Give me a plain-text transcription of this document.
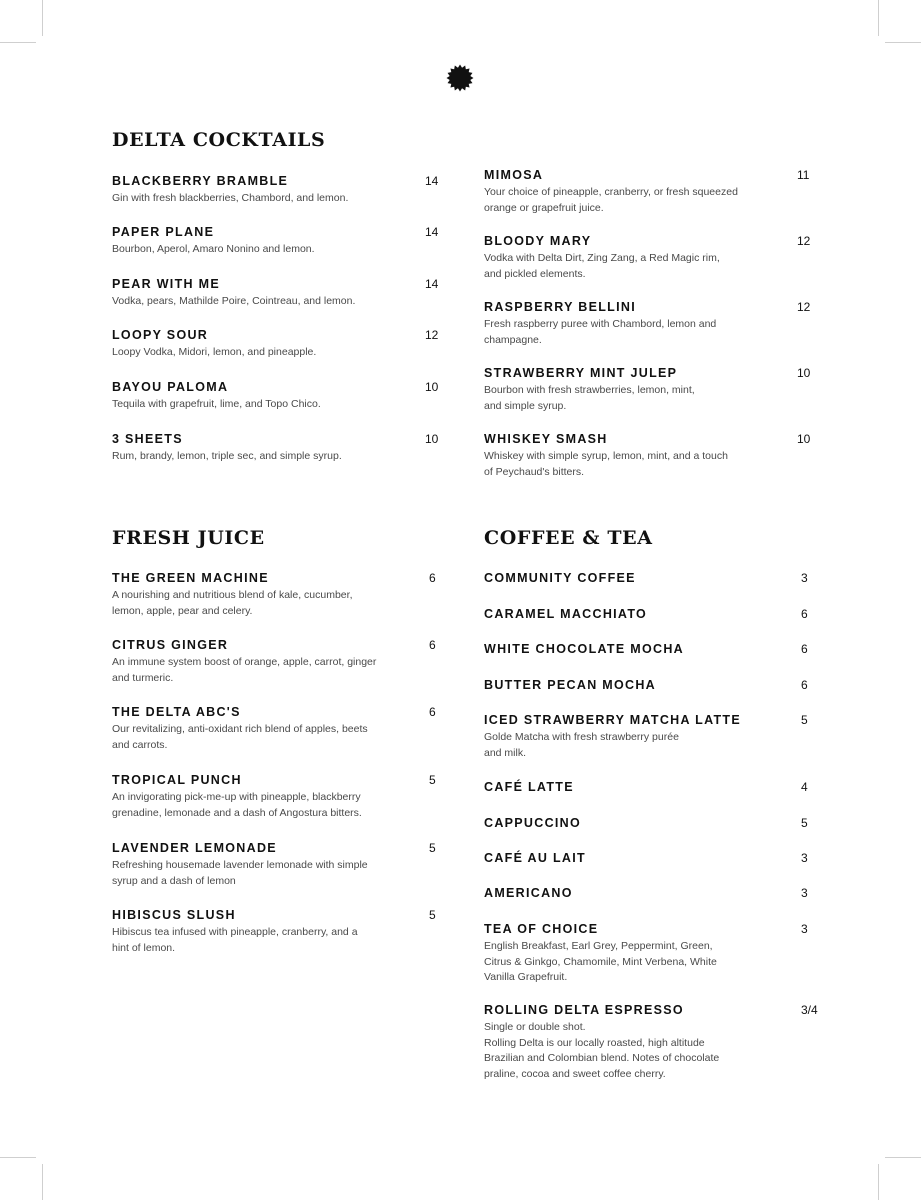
DELTA COCKTAILS
FRESH JUICE	COFFEE & TEA
BLACKBERRY BRAMBLE	14
Gin with fresh blackberries, Chambord, and lemon.
PAPER PLANE	14
Bourbon, Aperol, Amaro Nonino and lemon.
PEAR WITH ME	14
Vodka, pears, Mathilde Poire, Cointreau, and lemon.
LOOPY SOUR	12
Loopy Vodka, Midori, lemon, and pineapple.
BAYOU PALOMA	10
Tequila with grapefruit, lime, and Topo Chico.
3 SHEETS	10
Rum, brandy, lemon, triple sec, and simple syrup.
MIMOSA	11
Your choice of pineapple, cranberry, or fresh squeezed
orange or grapefruit juice.
BLOODY MARY	12
Vodka with Delta Dirt, Zing Zang, a Red Magic rim,
and pickled elements.
RASPBERRY BELLINI	12
Fresh raspberry puree with Chambord, lemon and
champagne.
STRAWBERRY MINT JULEP	10
Bourbon with fresh strawberries, lemon, mint,
and simple syrup.
WHISKEY SMASH	10
Whiskey with simple syrup, lemon, mint, and a touch
of Peychaud's bitters.
THE GREEN MACHINE	6
A nourishing and nutritious blend of kale, cucumber,
lemon, apple, pear and celery.
CITRUS GINGER	6
An immune system boost of orange, apple, carrot, ginger
and turmeric.
THE DELTA ABC'S	6
Our revitalizing, anti-oxidant rich blend of apples, beets
and carrots.
TROPICAL PUNCH	5
An invigorating pick-me-up with pineapple, blackberry
grenadine, lemonade and a dash of Angostura bitters.
LAVENDER LEMONADE	5
Refreshing housemade lavender lemonade with simple
syrup and a dash of lemon
HIBISCUS SLUSH	5
Hibiscus tea infused with pineapple, cranberry, and a
hint of lemon.
COMMUNITY COFFEE	3
CARAMEL MACCHIATO	6
WHITE CHOCOLATE MOCHA	6
BUTTER PECAN MOCHA	6
ICED STRAWBERRY MATCHA LATTE	5
Golde Matcha with fresh strawberry purée
and milk.
CAFÉ LATTE	4
CAPPUCCINO	5
CAFÉ AU LAIT	3
AMERICANO	3
TEA OF CHOICE	3
English Breakfast, Earl Grey, Peppermint, Green,
Citrus & Ginkgo, Chamomile, Mint Verbena, White
Vanilla Grapefruit.
ROLLING DELTA ESPRESSO	3/4
Single or double shot.
Rolling Delta is our locally roasted, high altitude
Brazilian and Colombian blend. Notes of chocolate
praline, cocoa and sweet coffee cherry.
